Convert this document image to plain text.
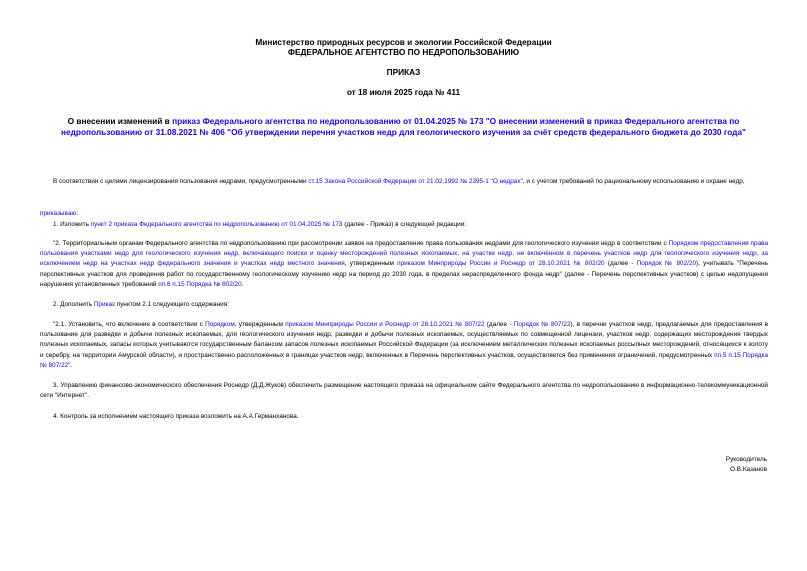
Министерство природных ресурсов и экологии Российской Федерации
ФЕДЕРАЛЬНОЕ АГЕНТСТВО ПО НЕДРОПОЛЬЗОВАНИЮ
ПРИКАЗ
от 18 июля 2025 года № 411
О внесении изменений в приказ Федерального агентства по недропользованию от 01.04.2025 № 173 "О внесении изменений в приказ Федерального агентства по недропользованию от 31.08.2021 № 406 "Об утверждении перечня участков недр для геологического изучения за счёт средств федерального бюджета до 2030 года"
В соответствии с целями лицензирования пользования недрами, предусмотренными ст.15 Закона Российской Федерации от 21.02.1992 № 2395-1 "О недрах", и с учетом требований по рациональному использованию и охране недр,
приказываю:
1. Изложить пункт 2 приказа Федерального агентства по недропользованию от 01.04.2025 № 173 (далее - Приказ) в следующей редакции:
"2. Территориальным органам Федерального агентства по недропользованию при рассмотрении заявок на предоставление права пользования недрами для геологического изучения недр в соответствии с Порядком предоставления права пользования участками недр для геологического изучения недр, включающего поиски и оценку месторождений полезных ископаемых, на участке недр, не включённом в перечень участков недр для геологического изучения недр, за исключением недр на участках недр федерального значения и участках недр местного значения, утвержденным приказом Минприроды России и Роснедр от 28.10.2021 № 802/20 (далее - Порядок № 802/20), учитывать "Перечень перспективных участков для проведения работ по государственному геологическому изучению недр на период до 2030 года, в пределах нераспределенного фонда недр" (далее - Перечень перспективных участков) с целью недопущения нарушения установленных требований пп.6 п.15 Порядка № 802/20.
2. Дополнить Приказ пунктом 2.1 следующего содержания:
"2.1. Установить, что включение в соответствии с Порядком, утвержденным приказом Минприроды России и Роснедр от 28.10.2021 № 807/22 (далее - Порядок № 807/22), в перечни участков недр, предлагаемых для предоставления в пользование для разведки и добычи полезных ископаемых, для геологического изучения недр, разведки и добычи полезных ископаемых, осуществляемых по совмещенной лицензии, участков недр, содержащих месторождения твердых полезных ископаемых, запасы которых учитываются государственным балансом запасов полезных ископаемых Российской Федерации (за исключением металлических полезных ископаемых россыпных месторождений, относящихся к золоту и серебру, на территории Амурской области), и пространственно расположенных в границах участков недр, включенных в Перечень перспективных участков, осуществляется без применения ограничений, предусмотренных пп.5 п.15 Порядка № 807/22".
3. Управлению финансово-экономического обеспечения Роснедр (Д.Д.Жуков) обеспечить размещение настоящего приказа на официальном сайте Федерального агентства по недропользованию в информационно-телекоммуникационной сети "Интернет".
4. Контроль за исполнением настоящего приказа возложить на А.А.Германханова.
Руководитель
О.В.Казанов
